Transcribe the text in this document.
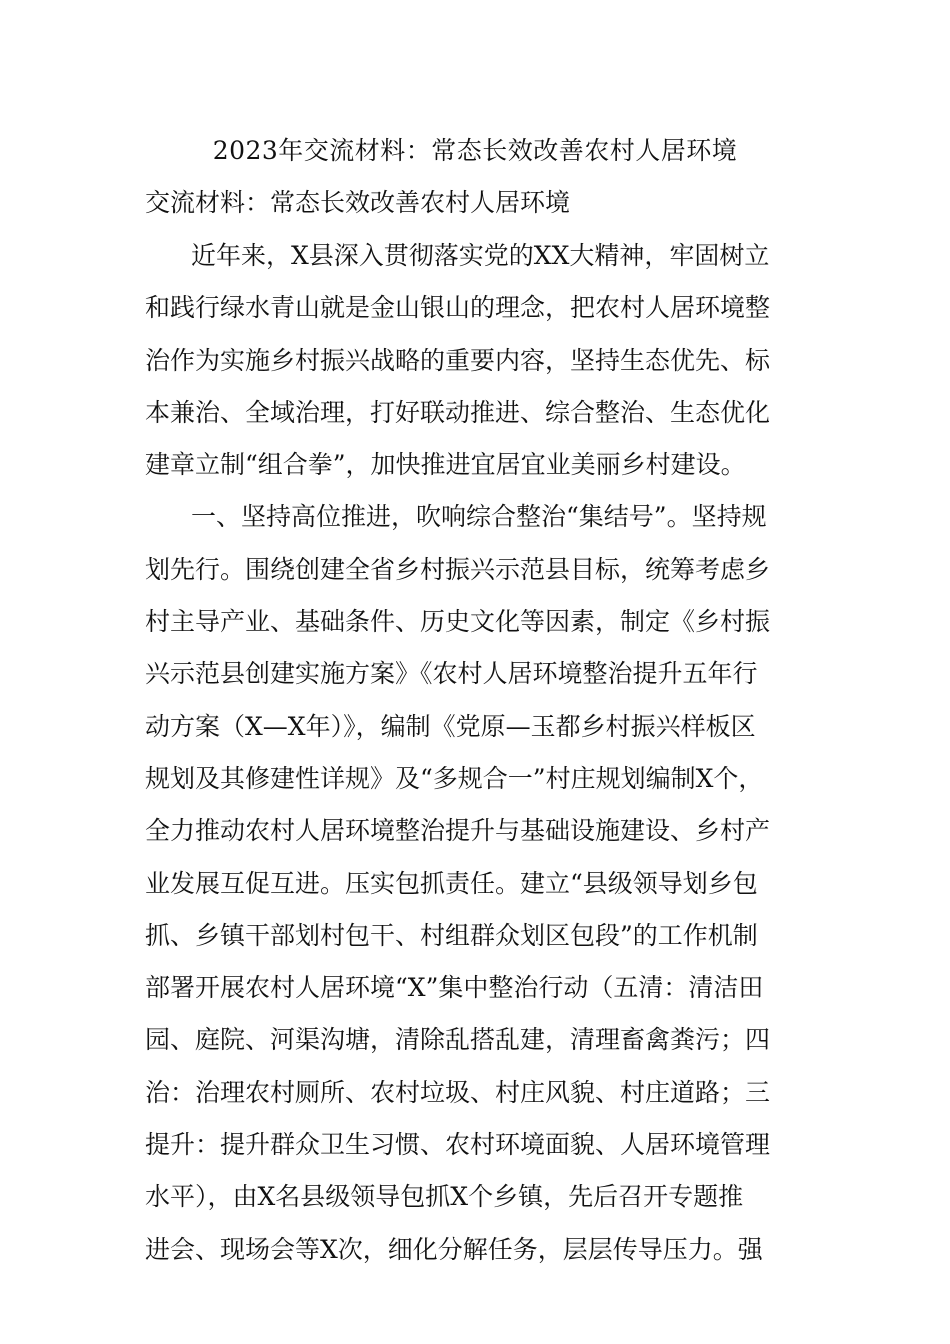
2023年交流材料：常态长效改善农村人居环境
交流材料：常态长效改善农村人居环境
近年来，X县深入贯彻落实党的XX大精神，牢固树立
和践行绿水青山就是金山银山的理念，把农村人居环境整
治作为实施乡村振兴战略的重要内容，坚持生态优先、标
本兼治、全域治理，打好联动推进、综合整治、生态优化
建章立制“组合拳”，加快推进宜居宜业美丽乡村建设。
一、坚持高位推进，吹响综合整治“集结号”。坚持规
划先行。围绕创建全省乡村振兴示范县目标，统筹考虑乡
村主导产业、基础条件、历史文化等因素，制定《乡村振
兴示范县创建实施方案》《农村人居环境整治提升五年行
动方案（X—X年）》，编制《党原—玉都乡村振兴样板区
规划及其修建性详规》及“多规合一”村庄规划编制X个，
全力推动农村人居环境整治提升与基础设施建设、乡村产
业发展互促互进。压实包抓责任。建立“县级领导划乡包
抓、乡镇干部划村包干、村组群众划区包段”的工作机制
部署开展农村人居环境“X”集中整治行动（五清：清洁田
园、庭院、河渠沟塘，清除乱搭乱建，清理畜禽粪污；四
治：治理农村厕所、农村垃圾、村庄风貌、村庄道路；三
提升：提升群众卫生习惯、农村环境面貌、人居环境管理
水平），由X名县级领导包抓X个乡镇，先后召开专题推
进会、现场会等X次，细化分解任务，层层传导压力。强
